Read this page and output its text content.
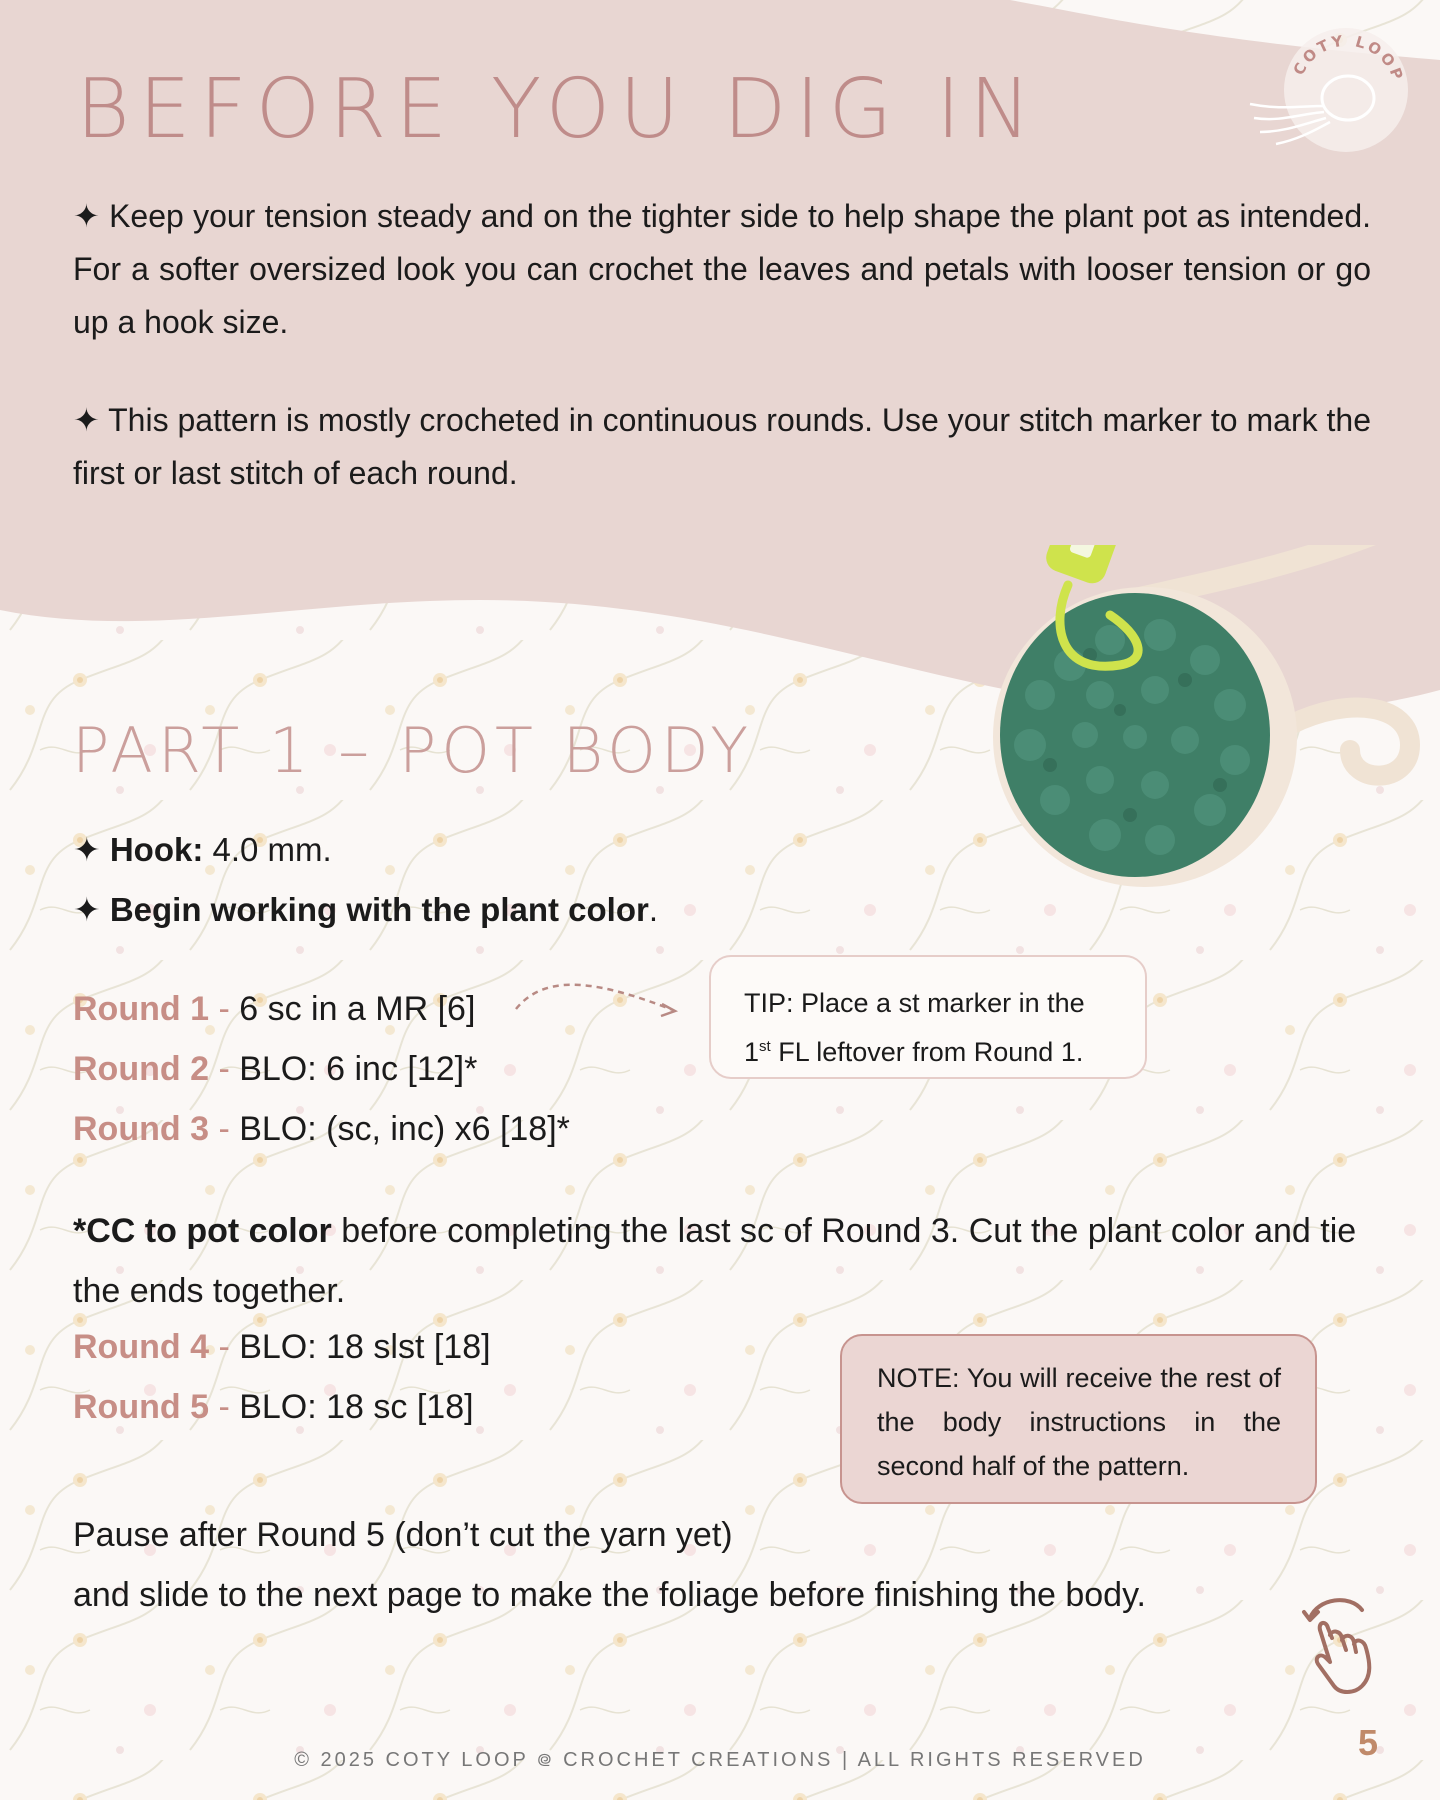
COTY LOOP
BEFORE YOU DIG IN

✦ Keep your tension steady and on the tighter side to help shape the plant pot as intended. For a softer oversized look you can crochet the leaves and petals with looser tension or go up a hook size.

✦ This pattern is mostly crocheted in continuous rounds. Use your stitch marker to mark the first or last stitch of each round.

PART 1 – POT BODY

✦ Hook: 4.0 mm.

✦ Begin working with the plant color.

Round 1 - 6 sc in a MR [6]

Round 2 - BLO: 6 inc [12]*

Round 3 - BLO: (sc, inc) x6 [18]*

TIP: Place a st marker in the
1st FL leftover from Round 1.

*CC to pot color before completing the last sc of Round 3. Cut the plant color and tie the ends together.

Round 4 - BLO: 18 slst [18]

Round 5 - BLO: 18 sc [18]

NOTE: You will receive the rest of the body instructions in the second half of the pattern.

Pause after Round 5 (don’t cut the yarn yet)
and slide to the next page to make the foliage before finishing the body.

© 2025 COTY LOOP ᪤ CROCHET CREATIONS | ALL RIGHTS RESERVED	5
